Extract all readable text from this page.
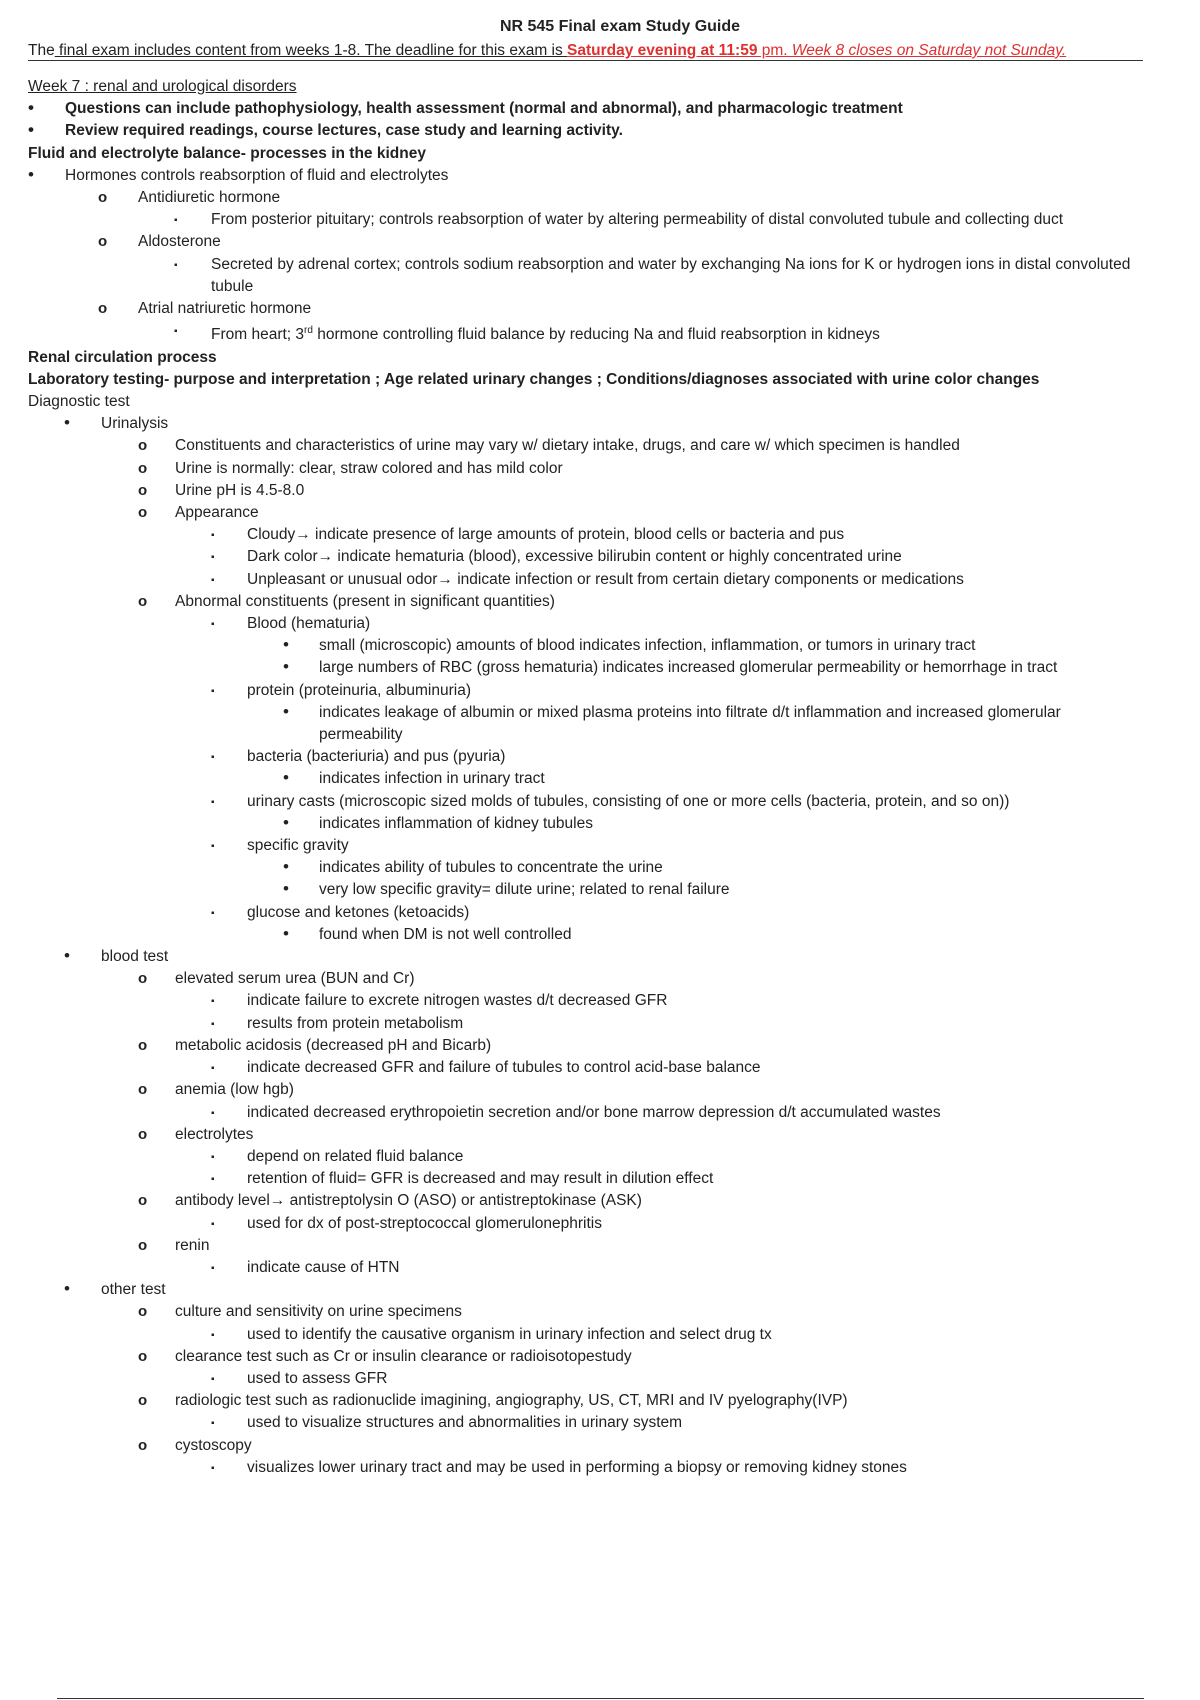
NR 545 Final exam Study Guide
The final exam includes content from weeks 1-8. The deadline for this exam is Saturday evening at 11:59 pm. Week 8 closes on Saturday not Sunday.
Week 7 : renal and urological disorders
• Questions can include pathophysiology, health assessment (normal and abnormal), and pharmacologic treatment
• Review required readings, course lectures, case study and learning activity.
Fluid and electrolyte balance- processes in the kidney
• Hormones controls reabsorption of fluid and electrolytes
o Antidiuretic hormone
▪ From posterior pituitary; controls reabsorption of water by altering permeability of distal convoluted tubule and collecting duct
o Aldosterone
▪ Secreted by adrenal cortex; controls sodium reabsorption and water by exchanging Na ions for K or hydrogen ions in distal convoluted
tubule
o Atrial natriuretic hormone
▪ From heart; 3rd hormone controlling fluid balance by reducing Na and fluid reabsorption in kidneys
Renal circulation process
Laboratory testing- purpose and interpretation ; Age related urinary changes ; Conditions/diagnoses associated with urine color changes
Diagnostic test
• Urinalysis
o Constituents and characteristics of urine may vary w/ dietary intake, drugs, and care w/ which specimen is handled
o Urine is normally: clear, straw colored and has mild color
o Urine pH is 4.5-8.0
o Appearance
▪ Cloudy→ indicate presence of large amounts of protein, blood cells or bacteria and pus
▪ Dark color→ indicate hematuria (blood), excessive bilirubin content or highly concentrated urine
▪ Unpleasant or unusual odor→ indicate infection or result from certain dietary components or medications
o Abnormal constituents (present in significant quantities)
▪ Blood (hematuria)
• small (microscopic) amounts of blood indicates infection, inflammation, or tumors in urinary tract
• large numbers of RBC (gross hematuria) indicates increased glomerular permeability or hemorrhage in tract
▪ protein (proteinuria, albuminuria)
• indicates leakage of albumin or mixed plasma proteins into filtrate d/t inflammation and increased glomerular
permeability
▪ bacteria (bacteriuria) and pus (pyuria)
• indicates infection in urinary tract
▪ urinary casts (microscopic sized molds of tubules, consisting of one or more cells (bacteria, protein, and so on))
• indicates inflammation of kidney tubules
▪ specific gravity
• indicates ability of tubules to concentrate the urine
• very low specific gravity= dilute urine; related to renal failure
▪ glucose and ketones (ketoacids)
• found when DM is not well controlled
• blood test
o elevated serum urea (BUN and Cr)
▪ indicate failure to excrete nitrogen wastes d/t decreased GFR
▪ results from protein metabolism
o metabolic acidosis (decreased pH and Bicarb)
▪ indicate decreased GFR and failure of tubules to control acid-base balance
o anemia (low hgb)
▪ indicated decreased erythropoietin secretion and/or bone marrow depression d/t accumulated wastes
o electrolytes
▪ depend on related fluid balance
▪ retention of fluid= GFR is decreased and may result in dilution effect
o antibody level→ antistreptolysin O (ASO) or antistreptokinase (ASK)
▪ used for dx of post-streptococcal glomerulonephritis
o renin
▪ indicate cause of HTN
• other test
o culture and sensitivity on urine specimens
▪ used to identify the causative organism in urinary infection and select drug tx
o clearance test such as Cr or insulin clearance or radioisotopestudy
▪ used to assess GFR
o radiologic test such as radionuclide imagining, angiography, US, CT, MRI and IV pyelography(IVP)
▪ used to visualize structures and abnormalities in urinary system
o cystoscopy
▪ visualizes lower urinary tract and may be used in performing a biopsy or removing kidney stones
